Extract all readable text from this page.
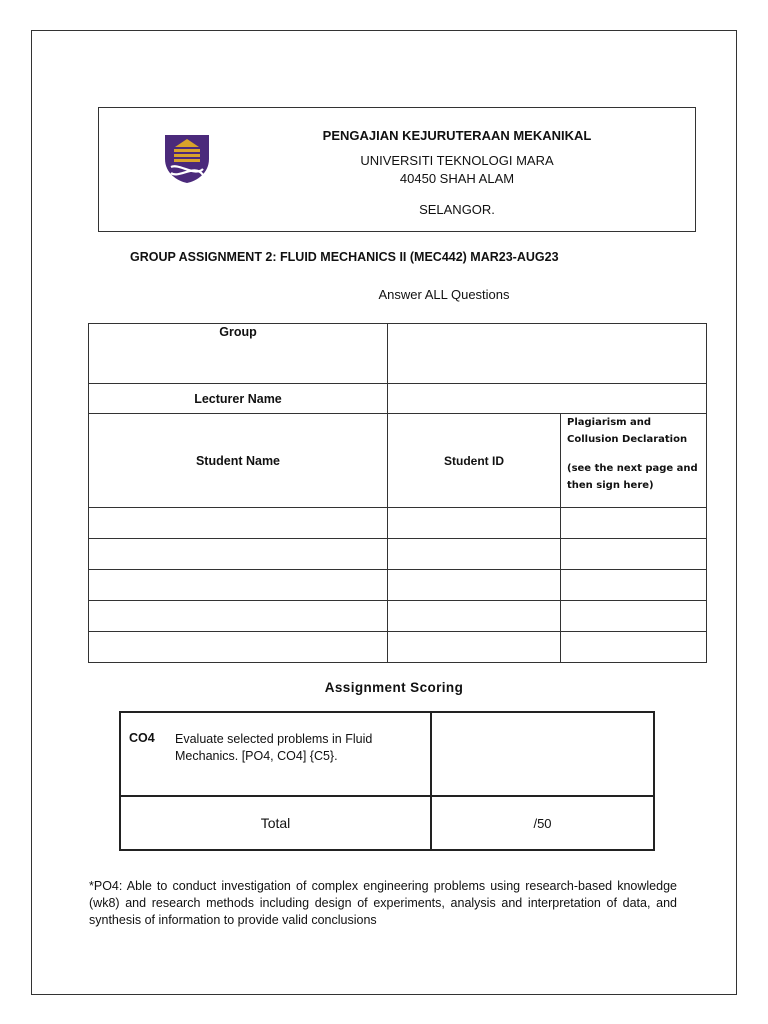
PENGAJIAN KEJURUTERAAN MEKANIKAL
UNIVERSITI TEKNOLOGI MARA
40450 SHAH ALAM
SELANGOR.
GROUP ASSIGNMENT 2: FLUID MECHANICS II (MEC442) MAR23-AUG23
Answer ALL Questions
Group		
Lecturer Name		
Student Name	Student ID	Plagiarism and
Collusion Declaration
(see the next page and
then sign here)

Assignment Scoring
CO4 Evaluate selected problems in Fluid Mechanics. [PO4, CO4] {C5}.	
Total	/50
*PO4: Able to conduct investigation of complex engineering problems using research-based knowledge (wk8) and research methods including design of experiments, analysis and interpretation of data, and synthesis of information to provide valid conclusions
